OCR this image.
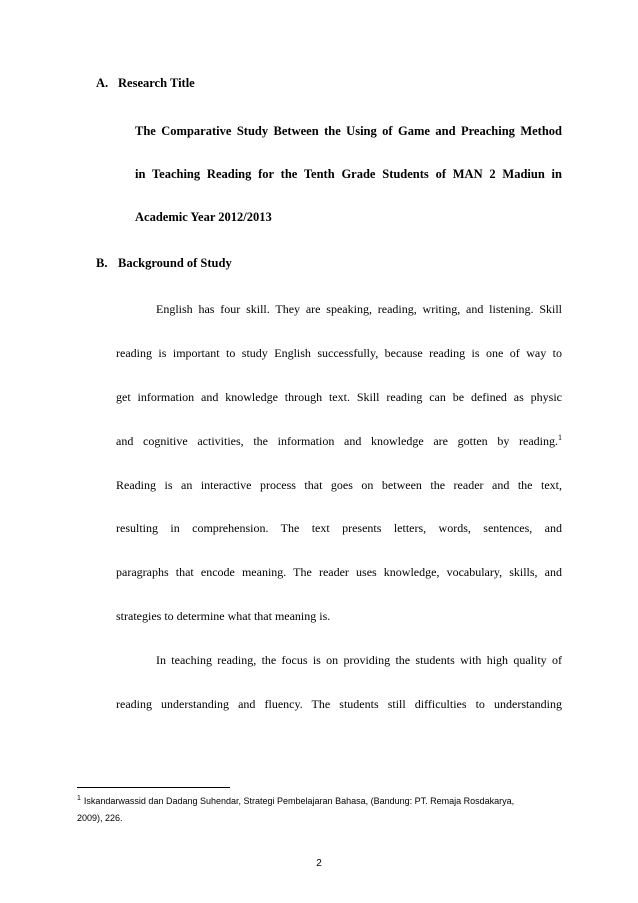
A. Research Title
The Comparative Study Between the Using of Game and Preaching Method
in Teaching Reading for the Tenth Grade Students of MAN 2 Madiun in
Academic Year 2012/2013
B. Background of Study
English has four skill. They are speaking, reading, writing, and listening. Skill
reading is important to study English successfully, because reading is one of way to
get information and knowledge through text. Skill reading can be defined as physic
and cognitive activities, the information and knowledge are gotten by reading.$^1$
Reading is an interactive process that goes on between the reader and the text,
resulting in comprehension. The text presents letters, words, sentences, and
paragraphs that encode meaning. The reader uses knowledge, vocabulary, skills, and
strategies to determine what that meaning is.
In teaching reading, the focus is on providing the students with high quality of
reading understanding and fluency. The students still difficulties to understanding
$^1$ Iskandarwassid dan Dadang Suhendar, Strategi Pembelajaran Bahasa, (Bandung: PT. Remaja Rosdakarya,
2009), 226.
2
